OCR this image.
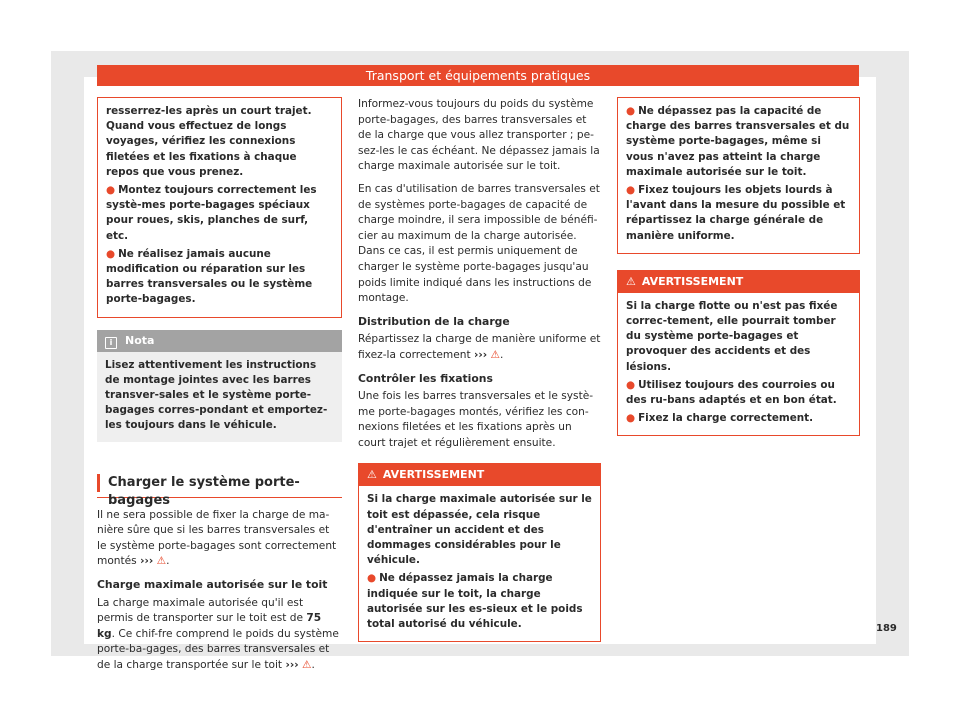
Transport et équipements pratiques

resserrez-les après un court trajet. Quand vous effectuez de longs voyages, vérifiez les connexions filetées et les fixations à chaque repos que vous prenez.

● Montez toujours correctement les systè-mes porte-bagages spéciaux pour roues, skis, planches de surf, etc.

● Ne réalisez jamais aucune modification ou réparation sur les barres transversales ou le système porte-bagages.

i Nota
Lisez attentivement les instructions de montage jointes avec les barres transver-sales et le système porte-bagages corres-pondant et emportez-les toujours dans le véhicule.
Charger le système porte-bagages

Il ne sera possible de fixer la charge de ma-nière sûre que si les barres transversales et le système porte-bagages sont correctement montés ››› ⚠.

Charge maximale autorisée sur le toit

La charge maximale autorisée qu'il est permis de transporter sur le toit est de 75 kg. Ce chif-fre comprend le poids du système porte-ba-gages, des barres transversales et de la charge transportée sur le toit ››› ⚠.

Informez-vous toujours du poids du système porte-bagages, des barres transversales et de la charge que vous allez transporter ; pe-sez-les le cas échéant. Ne dépassez jamais la charge maximale autorisée sur le toit.

En cas d'utilisation de barres transversales et de systèmes porte-bagages de capacité de charge moindre, il sera impossible de bénéfi-cier au maximum de la charge autorisée. Dans ce cas, il est permis uniquement de charger le système porte-bagages jusqu'au poids limite indiqué dans les instructions de montage.

Distribution de la charge

Répartissez la charge de manière uniforme et fixez-la correctement ››› ⚠.

Contrôler les fixations

Une fois les barres transversales et le systè-me porte-bagages montés, vérifiez les con-nexions filetées et les fixations après un court trajet et régulièrement ensuite.

⚠ AVERTISSEMENT

Si la charge maximale autorisée sur le toit est dépassée, cela risque d'entraîner un accident et des dommages considérables pour le véhicule.

● Ne dépassez jamais la charge indiquée sur le toit, la charge autorisée sur les es-sieux et le poids total autorisé du véhicule.

● Ne dépassez pas la capacité de charge des barres transversales et du système porte-bagages, même si vous n'avez pas atteint la charge maximale autorisée sur le toit.

● Fixez toujours les objets lourds à l'avant dans la mesure du possible et répartissez la charge générale de manière uniforme.

⚠ AVERTISSEMENT

Si la charge flotte ou n'est pas fixée correc-tement, elle pourrait tomber du système porte-bagages et provoquer des accidents et des lésions.

● Utilisez toujours des courroies ou des ru-bans adaptés et en bon état.

● Fixez la charge correctement.

189
